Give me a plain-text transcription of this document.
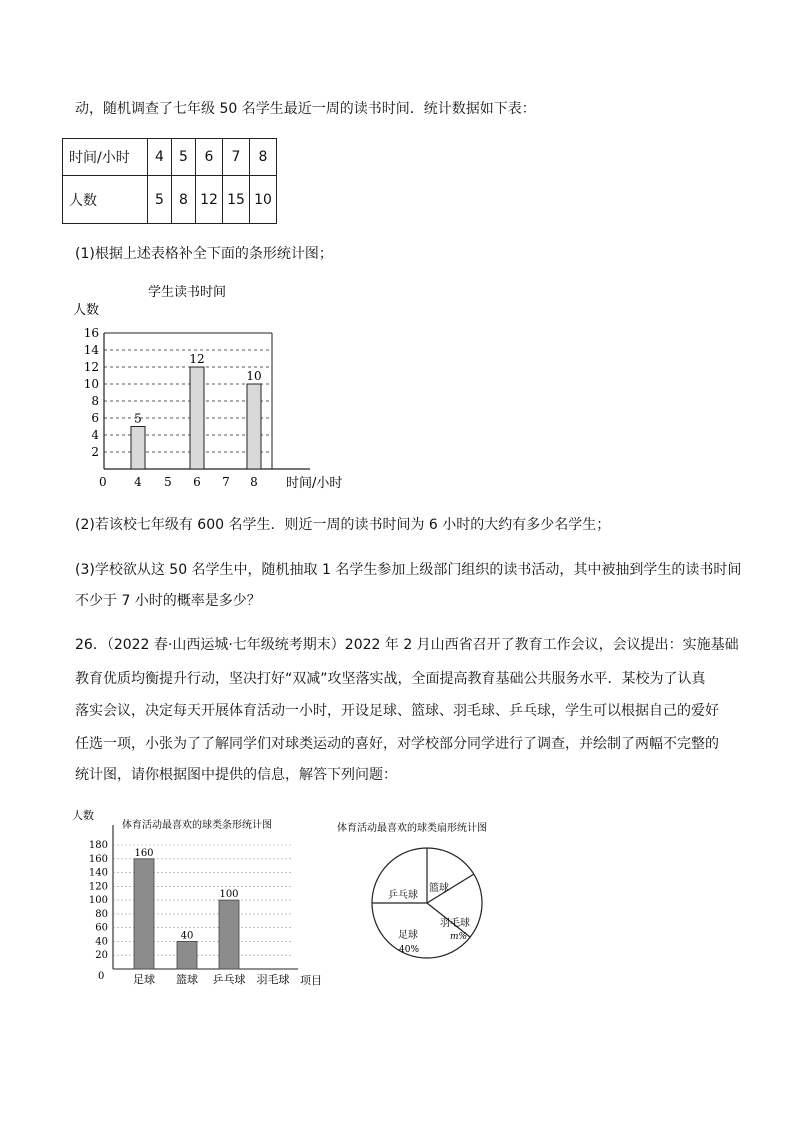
动，随机调查了七年级 50 名学生最近一周的读书时间．统计数据如下表：
时间/小时	4	5	6	7	8
人数	5	8	12	15	10
(1)根据上述表格补全下面的条形统计图；
学生读书时间
人数
时间/小时
0
2
4
6
8
10
12
14
16
4 5 6 7 8
5
12
10
(2)若该校七年级有 600 名学生．则近一周的读书时间为 6 小时的大约有多少名学生；
(3)学校欲从这 50 名学生中，随机抽取 1 名学生参加上级部门组织的读书活动，其中被抽到学生的读书时间
不少于 7 小时的概率是多少？
26．（2022 春·山西运城·七年级统考期末）2022 年 2 月山西省召开了教育工作会议，会议提出：实施基础
教育优质均衡提升行动，坚决打好“双减”攻坚落实战，全面提高教育基础公共服务水平．某校为了认真
落实会议，决定每天开展体育活动一小时，开设足球、篮球、羽毛球、乒乓球，学生可以根据自己的爱好
任选一项，小张为了了解同学们对球类运动的喜好，对学校部分同学进行了调查，并绘制了两幅不完整的
统计图，请你根据图中提供的信息，解答下列问题：
人数
体育活动最喜欢的球类条形统计图
项目
0
20
40
60
80
100
120
140
160
180
足球
160
篮球
40
乒乓球
100
羽毛球
体育活动最喜欢的球类扇形统计图
乒乓球
篮球
羽毛球
m%
足球
40%
